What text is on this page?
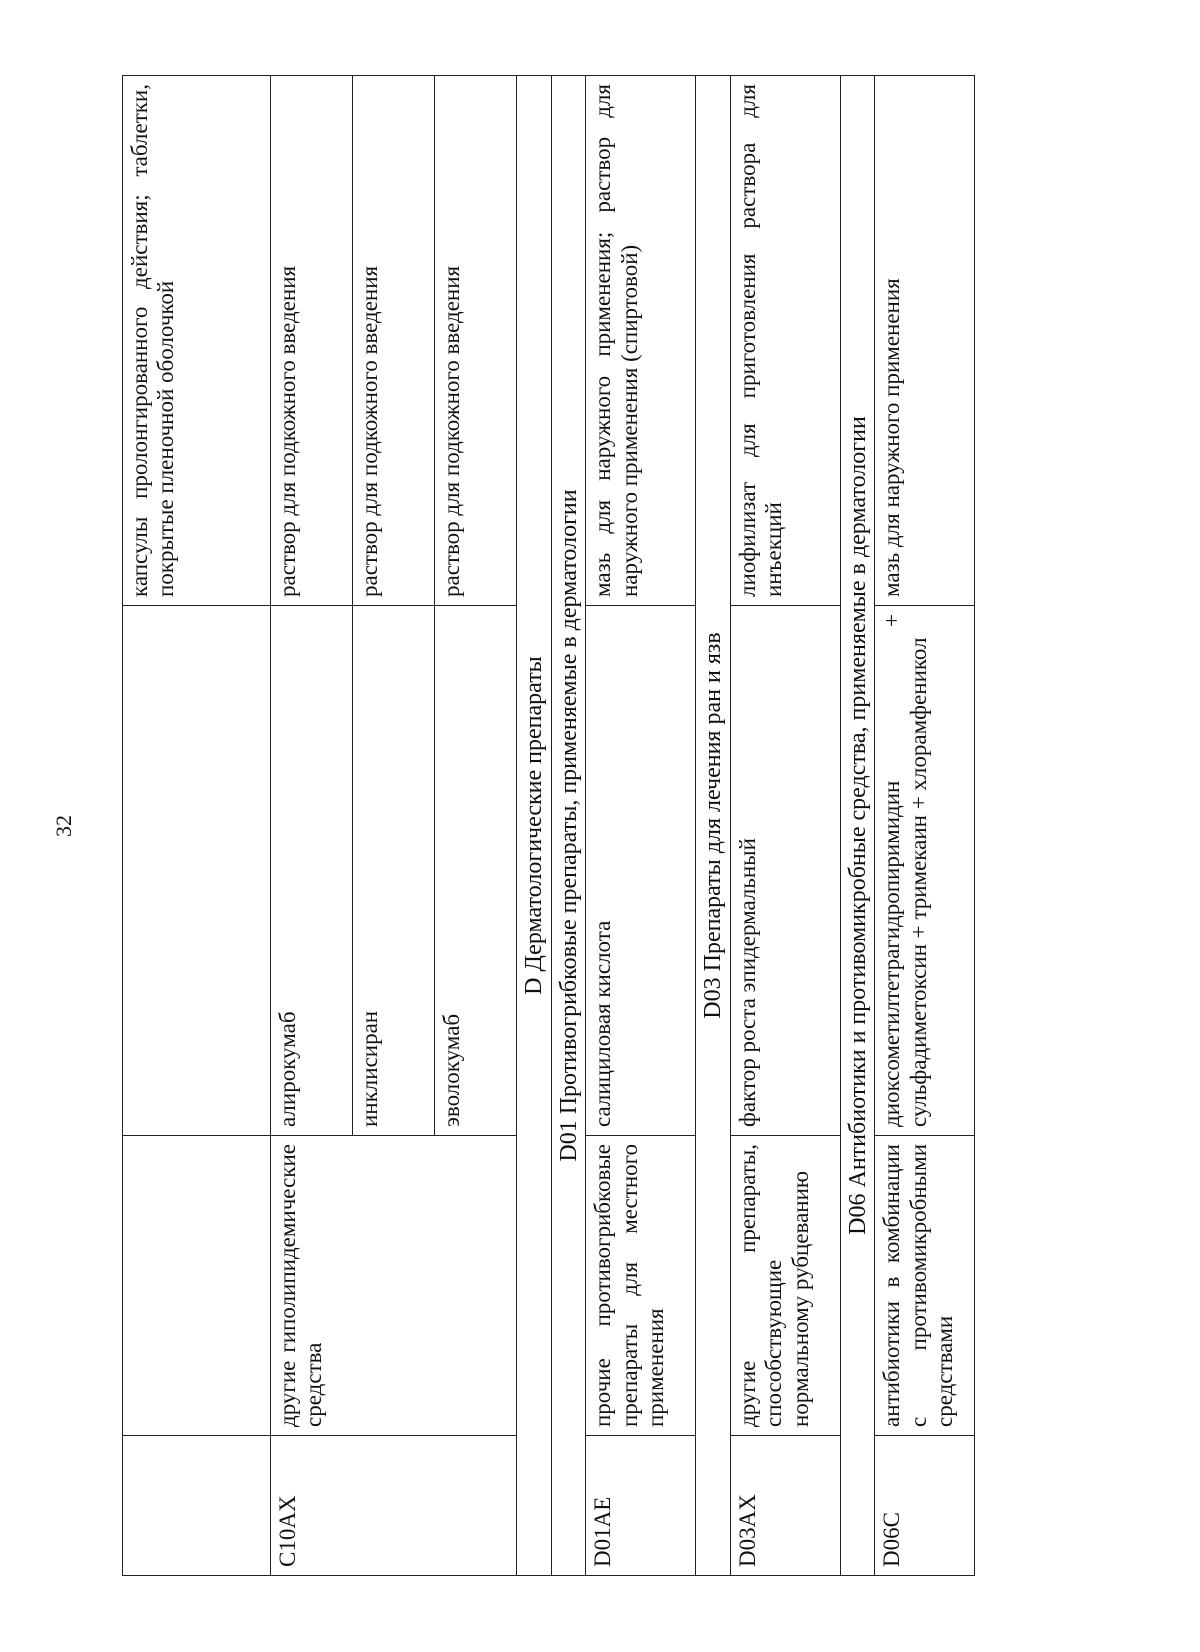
32
			капсулы пролонгированного действия; таблетки, покрытые пленочной оболочкой
C10AX	другие гиполипидемические средства	алирокумаб	раствор для подкожного введения
		инклисиран	раствор для подкожного введения
		эволокумаб	раствор для подкожного введения
D Дерматологические препараты			
D01 Противогрибковые препараты, применяемые в дерматологии			
D01AE	прочие противогрибковые препараты для местного применения	салициловая кислота	мазь для наружного применения; раствор для наружного применения (спиртовой)
D03 Препараты для лечения ран и язв			
D03AX	другие препараты, способствующие нормальному рубцеванию	фактор роста эпидермальный	лиофилизат для приготовления раствора для инъекций
D06 Антибиотики и противомикробные средства, применяемые в дерматологии			
D06C	антибиотики в комбинации с противомикробными средствами	диоксометилтетрагидропиримидин + сульфадиметоксин + тримекаин + хлорамфеникол	мазь для наружного применения
